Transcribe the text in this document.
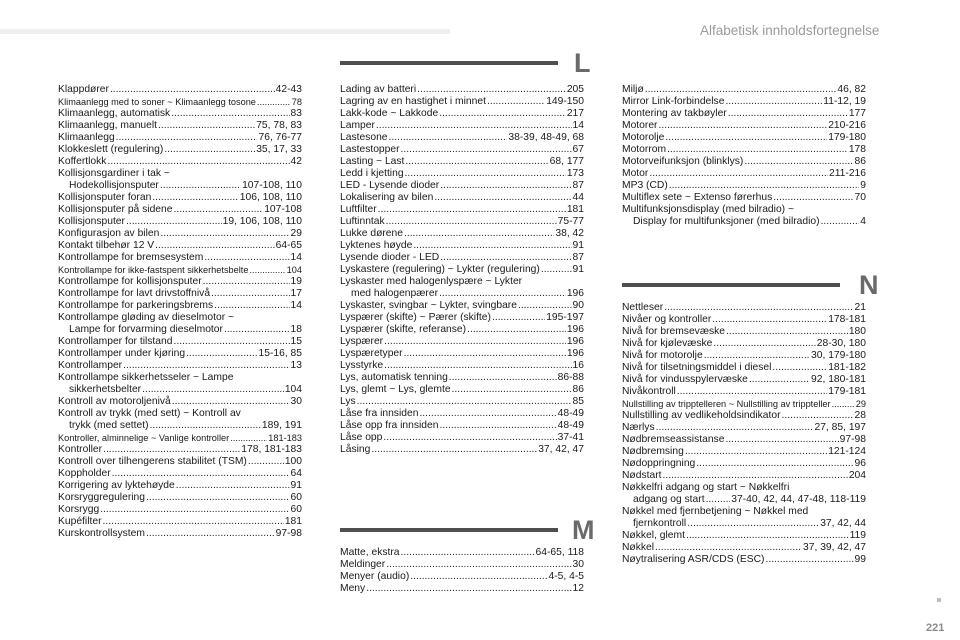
Alfabetisk innholdsfortegnelse
L
M
N
Klappdører .....	42-43
Klimaanlegg med to soner ~ Klimaanlegg tosone .....	78
Klimaanlegg, automatisk .....	83
Klimaanlegg, manuelt .....	75, 78, 83
Klimaanlegg .....	76, 76-77
Klokkeslett (regulering) .....	35, 17, 33
Koffertlokk .....	42
Kollisjonsgardiner i tak ~
Hodekollisjonsputer .....	107-108, 110
Kollisjonsputer foran .....	106, 108, 110
Kollisjonsputer på sidene .....	107-108
Kollisjonsputer .....	19, 106, 108, 110
Konfigurasjon av bilen .....	29
Kontakt tilbehør 12 V .....	64-65
Kontrollampe for bremsesystem .....	14
Kontrollampe for ikke-fastspent sikkerhetsbelte .....	104
Kontrollampe for kollisjonsputer .....	19
Kontrollampe for lavt drivstoffnivå .....	17
Kontrollampe for parkeringsbrems .....	14
Kontrollampe gløding av dieselmotor ~
Lampe for forvarming dieselmotor .....	18
Kontrollamper for tilstand .....	15
Kontrollamper under kjøring .....	15-16, 85
Kontrollamper .....	13
Kontrollampe sikkerhetsseler ~ Lampe
sikkerhetsbelter .....	104
Kontroll av motoroljenivå .....	30
Kontroll av trykk (med sett) ~ Kontroll av
trykk (med settet) .....	189, 191
Kontroller, alminnelige ~ Vanlige kontroller .....	181-183
Kontroller .....	178, 181-183
Kontroll over tilhengerens stabilitet (TSM) .....	100
Koppholder .....	64
Korrigering av lyktehøyde .....	91
Korsryggregulering .....	60
Korsrygg .....	60
Kupéfilter .....	181
Kurskontrollsystem .....	97-98
Lading av batteri .....	205
Lagring av en hastighet i minnet .....	149-150
Lakk-kode ~ Lakkode .....	217
Lamper .....	14
Lastesone .....	38-39, 48-49, 68
Lastestopper .....	67
Lasting ~ Last .....	68, 177
Ledd i kjetting .....	173
LED - Lysende dioder .....	87
Lokalisering av bilen .....	44
Luftfilter .....	181
Luftinntak .....	75-77
Lukke dørene .....	38, 42
Lyktenes høyde .....	91
Lysende dioder - LED .....	87
Lyskastere (regulering) ~ Lykter (regulering) .....	91
Lyskaster med halogenlyspære ~ Lykter
med halogenpærer .....	196
Lyskaster, svingbar ~ Lykter, svingbare .....	90
Lyspærer (skifte) ~ Pærer (skifte) .....	195-197
Lyspærer (skifte, referanse) .....	196
Lyspærer .....	196
Lyspæretyper .....	196
Lysstyrke .....	16
Lys, automatisk tenning .....	86-88
Lys, glemt ~ Lys, glemte .....	86
Lys .....	85
Låse fra innsiden .....	48-49
Låse opp fra innsiden .....	48-49
Låse opp .....	37-41
Låsing .....	37, 42, 47
Matte, ekstra .....	64-65, 118
Meldinger .....	30
Menyer (audio) .....	4-5, 4-5
Meny .....	12
Miljø .....	46, 82
Mirror Link-forbindelse .....	11-12, 19
Montering av takbøyler .....	177
Motorer .....	210-216
Motorolje .....	179-180
Motorrom .....	178
Motorveifunksjon (blinklys) .....	86
Motor .....	211-216
MP3 (CD) .....	9
Multiflex sete ~ Extenso førerhus .....	70
Multifunksjonsdisplay (med bilradio) ~
Display for multifunksjoner (med bilradio) .....	4
Nettleser .....	21
Nivåer og kontroller .....	178-181
Nivå for bremsevæske .....	180
Nivå for kjølevæske .....	28-30, 180
Nivå for motorolje .....	30, 179-180
Nivå for tilsetningsmiddel i diesel .....	181-182
Nivå for vindusspylervæske .....	92, 180-181
Nivåkontroll .....	179-181
Nullstilling av tripptelleren ~ Nullstilling av trippteller .....	29
Nullstilling av vedlikeholdsindikator .....	28
Nærlys .....	27, 85, 197
Nødbremseassistanse .....	97-98
Nødbremsing .....	121-124
Nødoppringning .....	96
Nødstart .....	204
Nøkkelfri adgang og start ~ Nøkkelfri
adgang og start .....	37-40, 42, 44, 47-48, 118-119
Nøkkel med fjernbetjening ~ Nøkkel med
fjernkontroll .....	37, 42, 44
Nøkkel, glemt .....	119
Nøkkel .....	37, 39, 42, 47
Nøytralisering ASR/CDS (ESC) .....	99
221
